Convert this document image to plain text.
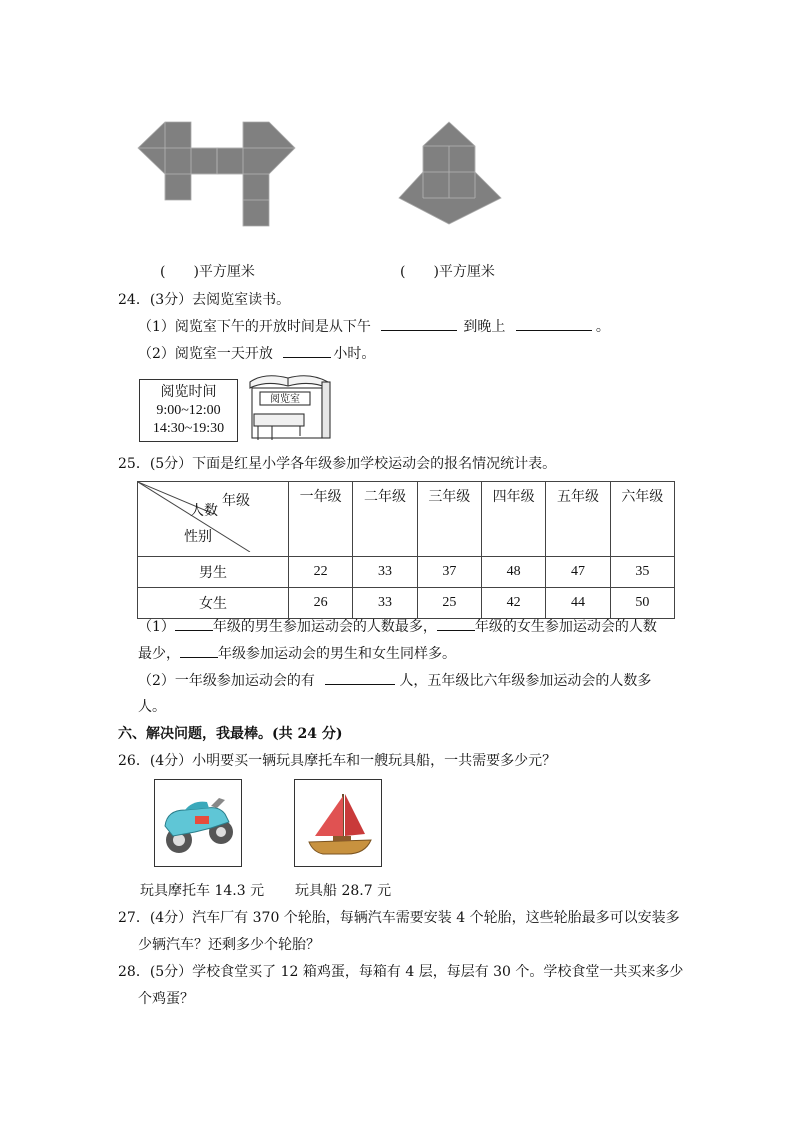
(　　)平方厘米	(　　)平方厘米
24．(3分）去阅览室读书。
（1）阅览室下午的开放时间是从下午	到晚上	。
（2）阅览室一天开放	小时。
阅览时间
9:00~12:00
14:30~19:30
阅览室
25．(5分）下面是红星小学各年级参加学校运动会的报名情况统计表。
年级
人数
性别	一年级	二年级	三年级	四年级	五年级	六年级
男生	22	33	37	48	47	35
女生	26	33	25	42	44	50
（1）	年级的男生参加运动会的人数最多，	年级的女生参加运动会的人数
最少，	年级参加运动会的男生和女生同样多。
（2）一年级参加运动会的有	人，五年级比六年级参加运动会的人数多
人。
六、解决问题，我最棒。(共 24 分)
26．(4分）小明要买一辆玩具摩托车和一艘玩具船，一共需要多少元？
玩具摩托车 14.3 元 玩具船 28.7 元
27．(4分）汽车厂有 370 个轮胎，每辆汽车需要安装 4 个轮胎，这些轮胎最多可以安装多
少辆汽车？还剩多少个轮胎？
28．(5分）学校食堂买了 12 箱鸡蛋，每箱有 4 层，每层有 30 个。学校食堂一共买来多少
个鸡蛋？
